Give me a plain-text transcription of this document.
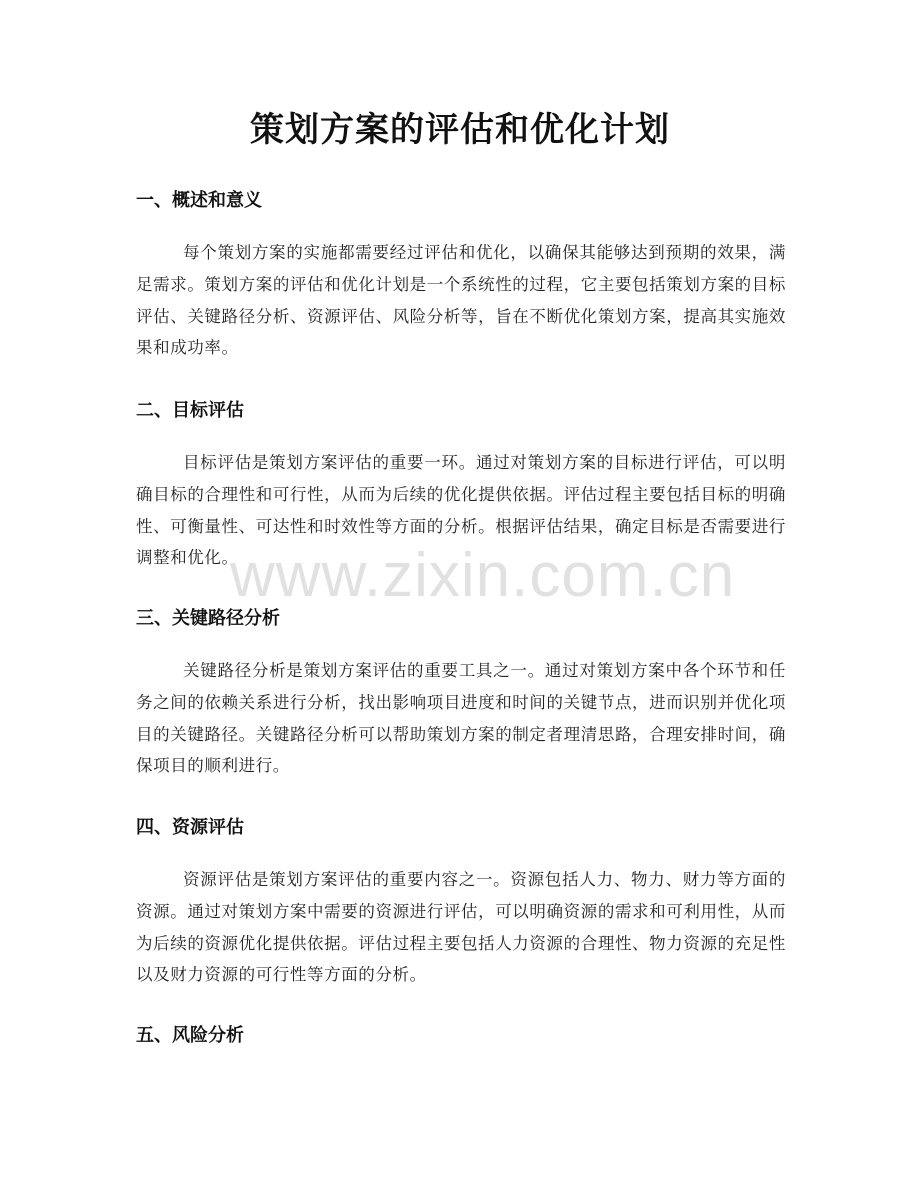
策划方案的评估和优化计划
一、概述和意义

每个策划方案的实施都需要经过评估和优化，以确保其能够达到预期的效果，满足需求。策划方案的评估和优化计划是一个系统性的过程，它主要包括策划方案的目标评估、关键路径分析、资源评估、风险分析等，旨在不断优化策划方案，提高其实施效果和成功率。

二、目标评估

目标评估是策划方案评估的重要一环。通过对策划方案的目标进行评估，可以明确目标的合理性和可行性，从而为后续的优化提供依据。评估过程主要包括目标的明确性、可衡量性、可达性和时效性等方面的分析。根据评估结果，确定目标是否需要进行调整和优化。

三、关键路径分析

关键路径分析是策划方案评估的重要工具之一。通过对策划方案中各个环节和任务之间的依赖关系进行分析，找出影响项目进度和时间的关键节点，进而识别并优化项目的关键路径。关键路径分析可以帮助策划方案的制定者理清思路，合理安排时间，确保项目的顺利进行。

四、资源评估

资源评估是策划方案评估的重要内容之一。资源包括人力、物力、财力等方面的资源。通过对策划方案中需要的资源进行评估，可以明确资源的需求和可利用性，从而为后续的资源优化提供依据。评估过程主要包括人力资源的合理性、物力资源的充足性以及财力资源的可行性等方面的分析。

五、风险分析
www.zixin.com.cn
